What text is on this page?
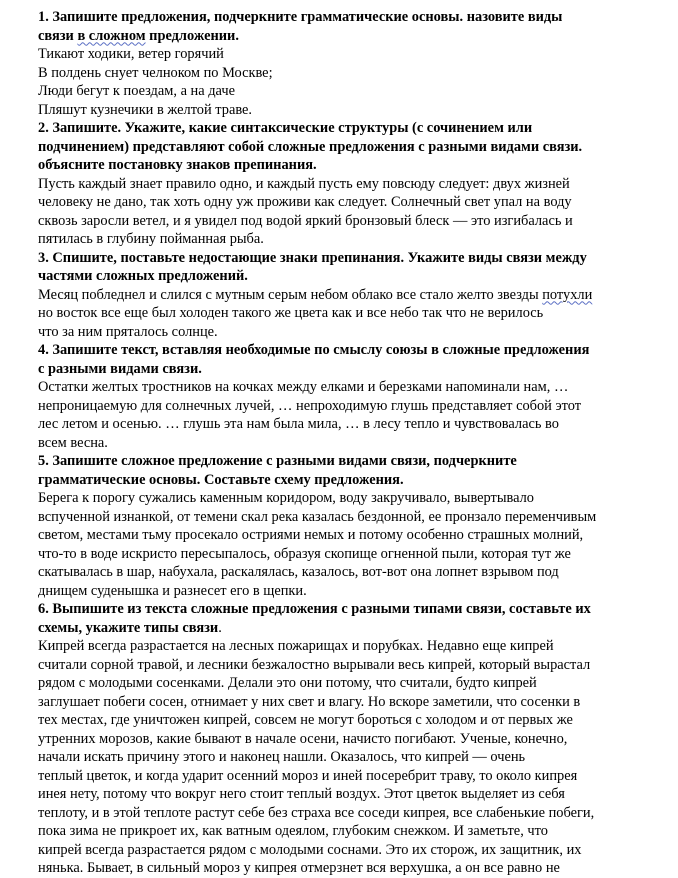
1. Запишите предложения, подчеркните грамматические основы. назовите виды
связи в сложном предложении.
Тикают ходики, ветер горячий
В полдень снует челноком по Москве;
Люди бегут к поездам, а на даче
Пляшут кузнечики в желтой траве.
2. Запишите. Укажите, какие синтаксические структуры (с сочинением или
подчинением) представляют собой сложные предложения с разными видами связи.
объясните постановку знаков препинания.
Пусть каждый знает правило одно, и каждый пусть ему повсюду следует: двух жизней
человеку не дано, так хоть одну уж проживи как следует. Солнечный свет упал на воду
сквозь заросли ветел, и я увидел под водой яркий бронзовый блеск — это изгибалась и
пятилась в глубину пойманная рыба.
3. Спишите, поставьте недостающие знаки препинания. Укажите виды связи между
частями сложных предложений.
Месяц побледнел и слился с мутным серым небом облако все стало желто звезды потухли
но восток все еще был холоден такого же цвета как и все небо так что не верилось
что за ним пряталось солнце.
4. Запишите текст, вставляя необходимые по смыслу союзы в сложные предложения
с разными видами связи.
Остатки желтых тростников на кочках между елками и березками напоминали нам, …
непроницаемую для солнечных лучей, … непроходимую глушь представляет собой этот
лес летом и осенью. … глушь эта нам была мила, … в лесу тепло и чувствовалась во
всем весна.
5. Запишите сложное предложение с разными видами связи, подчеркните
грамматические основы. Составьте схему предложения.
Берега к порогу сужались каменным коридором, воду закручивало, вывертывало
вспученной изнанкой, от темени скал река казалась бездонной, ее пронзало переменчивым
светом, местами тьму просекало остриями немых и потому особенно страшных молний,
что-то в воде искристо пересыпалось, образуя скопище огненной пыли, которая тут же
скатывалась в шар, набухала, раскалялась, казалось, вот-вот она лопнет взрывом под
днищем суденышка и разнесет его в щепки.
6. Выпишите из текста сложные предложения с разными типами связи, составьте их
схемы, укажите типы связи.
Кипрей всегда разрастается на лесных пожарищах и порубках. Недавно еще кипрей
считали сорной травой, и лесники безжалостно вырывали весь кипрей, который вырастал
рядом с молодыми сосенками. Делали это они потому, что считали, будто кипрей
заглушает побеги сосен, отнимает у них свет и влагу. Но вскоре заметили, что сосенки в
тех местах, где уничтожен кипрей, совсем не могут бороться с холодом и от первых же
утренних морозов, какие бывают в начале осени, начисто погибают. Ученые, конечно,
начали искать причину этого и наконец нашли. Оказалось, что кипрей — очень
теплый цветок, и когда ударит осенний мороз и иней посеребрит траву, то около кипрея
инея нету, потому что вокруг него стоит теплый воздух. Этот цветок выделяет из себя
теплоту, и в этой теплоте растут себе без страха все соседи кипрея, все слабенькие побеги,
пока зима не прикроет их, как ватным одеялом, глубоким снежком. И заметьте, что
кипрей всегда разрастается рядом с молодыми соснами. Это их сторож, их защитник, их
нянька. Бывает, в сильный мороз у кипрея отмерзнет вся верхушка, а он все равно не
